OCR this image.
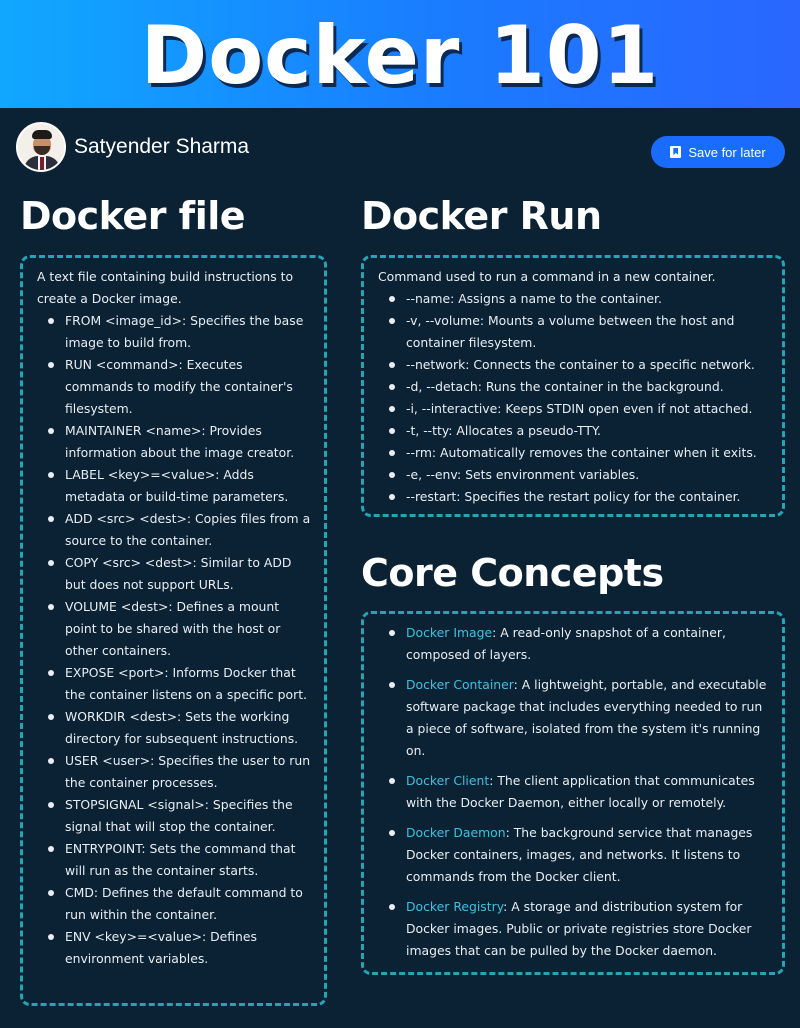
Docker 101
Satyender Sharma	Save for later
Docker file
A text file containing build instructions to create a Docker image.
FROM <image_id>: Specifies the base image to build from.
RUN <command>: Executes commands to modify the container's filesystem.
MAINTAINER <name>: Provides information about the image creator.
LABEL <key>=<value>: Adds metadata or build-time parameters.
ADD <src> <dest>: Copies files from a source to the container.
COPY <src> <dest>: Similar to ADD but does not support URLs.
VOLUME <dest>: Defines a mount point to be shared with the host or other containers.
EXPOSE <port>: Informs Docker that the container listens on a specific port.
WORKDIR <dest>: Sets the working directory for subsequent instructions.
USER <user>: Specifies the user to run the container processes.
STOPSIGNAL <signal>: Specifies the signal that will stop the container.
ENTRYPOINT: Sets the command that will run as the container starts.
CMD: Defines the default command to run within the container.
ENV <key>=<value>: Defines environment variables.
Docker Run
Command used to run a command in a new container.
--name: Assigns a name to the container.
-v, --volume: Mounts a volume between the host and container filesystem.
--network: Connects the container to a specific network.
-d, --detach: Runs the container in the background.
-i, --interactive: Keeps STDIN open even if not attached.
-t, --tty: Allocates a pseudo-TTY.
--rm: Automatically removes the container when it exits.
-e, --env: Sets environment variables.
--restart: Specifies the restart policy for the container.
Core Concepts
Docker Image: A read-only snapshot of a container, composed of layers.
Docker Container: A lightweight, portable, and executable software package that includes everything needed to run a piece of software, isolated from the system it's running on.
Docker Client: The client application that communicates with the Docker Daemon, either locally or remotely.
Docker Daemon: The background service that manages Docker containers, images, and networks. It listens to commands from the Docker client.
Docker Registry: A storage and distribution system for Docker images. Public or private registries store Docker images that can be pulled by the Docker daemon.
